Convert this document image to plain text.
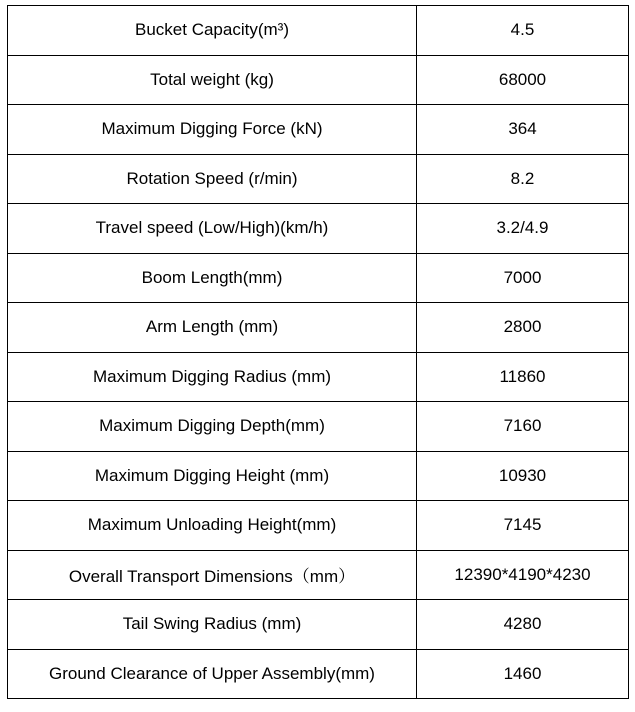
Bucket Capacity(m³)	4.5
Total weight (kg)	68000
Maximum Digging Force (kN)	364
Rotation Speed (r/min)	8.2
Travel speed (Low/High)(km/h)	3.2/4.9
Boom Length(mm)	7000
Arm Length (mm)	2800
Maximum Digging Radius (mm)	11860
Maximum Digging Depth(mm)	7160
Maximum Digging Height (mm)	10930
Maximum Unloading Height(mm)	7145
Overall Transport Dimensions（mm）	12390*4190*4230
Tail Swing Radius (mm)	4280
Ground Clearance of Upper Assembly(mm)	1460
